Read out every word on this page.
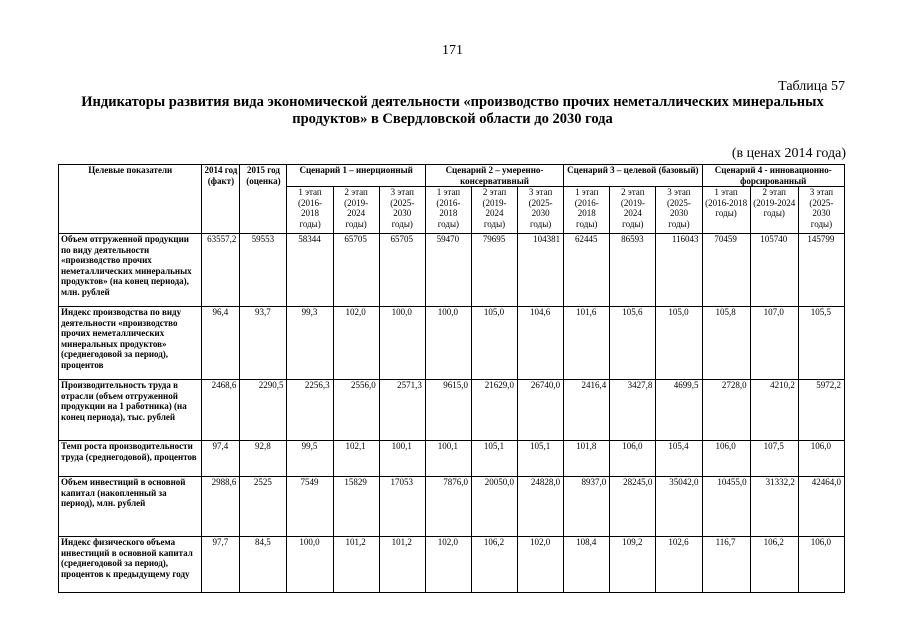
171
Таблица 57
Индикаторы развития вида экономической деятельности «производство прочих неметаллических минеральных
продуктов» в Свердловской области до 2030 года
(в ценах 2014 года)
Целевые показатели	2014 год (факт)	2015 год (оценка)	Сценарий 1 – инерционный			Сценарий 2 – умеренно-консервативный			Сценарий 3 – целевой (базовый)			Сценарий 4 - инновационно-форсированный		
			1 этап (2016-2018 годы)	2 этап (2019-2024 годы)	3 этап (2025-2030 годы)	1 этап (2016-2018 годы)	2 этап (2019-2024 годы)	3 этап (2025-2030 годы)	1 этап (2016-2018 годы)	2 этап (2019-2024 годы)	3 этап (2025-2030 годы)	1 этап (2016-2018 годы)	2 этап (2019-2024 годы)	3 этап (2025-2030 годы)
Объем отгруженной продукции по виду деятельности «производство прочих неметаллических минеральных продуктов» (на конец периода), млн. рублей	63557,2	59553	58344	65705	65705	59470	79695	104381	62445	86593	116043	70459	105740	145799
Индекс производства по виду деятельности «производство прочих неметаллических минеральных продуктов» (среднегодовой за период), процентов	96,4	93,7	99,3	102,0	100,0	100,0	105,0	104,6	101,6	105,6	105,0	105,8	107,0	105,5
Производительность труда в отрасли (объем отгруженной продукции на 1 работника) (на конец периода), тыс. рублей	2468,6	2290,5	2256,3	2556,0	2571,3	9615,0	21629,0	26740,0	2416,4	3427,8	4699,5	2728,0	4210,2	5972,2
Темп роста производительности труда (среднегодовой), процентов	97,4	92,8	99,5	102,1	100,1	100,1	105,1	105,1	101,8	106,0	105,4	106,0	107,5	106,0
Объем инвестиций в основной капитал (накопленный за период), млн. рублей	2988,6	2525	7549	15829	17053	7876,0	20050,0	24828,0	8937,0	28245,0	35042,0	10455,0	31332,2	42464,0
Индекс физического объема инвестиций в основной капитал (среднегодовой за период), процентов к предыдущему году	97,7	84,5	100,0	101,2	101,2	102,0	106,2	102,0	108,4	109,2	102,6	116,7	106,2	106,0
